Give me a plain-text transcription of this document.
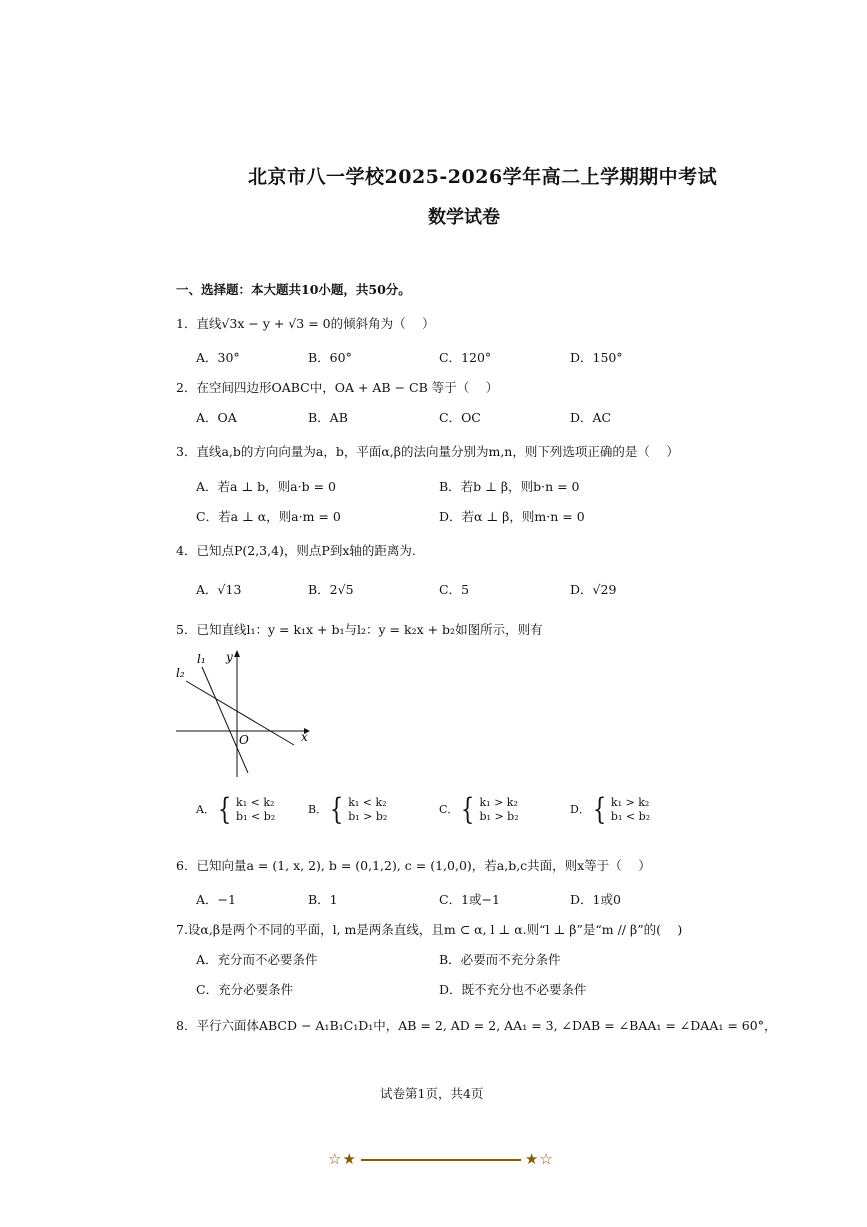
北京市八一学校2025-2026学年高二上学期期中考试
数学试卷
一、选择题：本大题共10小题，共50分。
1．直线√3x − y + √3 = 0的倾斜角为（　 ）
A．30°	B．60°	C．120°	D．150°
2．在空间四边形OABC中，OA + AB − CB 等于（　 ）
A．OA	B．AB	C．OC	D．AC
3．直线a,b的方向向量为a，b，平面α,β的法向量分别为m,n，则下列选项正确的是（　 ）
A．若a ⊥ b，则a·b = 0	B．若b ⊥ β，则b·n = 0
C．若a ⊥ α，则a·m = 0	D．若α ⊥ β，则m·n = 0
4．已知点P(2,3,4)，则点P到x轴的距离为.
A．√13	B．2√5	C．5	D．√29
5．已知直线l₁：y = k₁x + b₁与l₂：y = k₂x + b₂如图所示，则有
l₁
l₂
y
x
O
A． { k₁ < k₂
b₁ < b₂
B． { k₁ < k₂
b₁ > b₂
C． { k₁ > k₂
b₁ > b₂
D． { k₁ > k₂
b₁ < b₂
6．已知向量a = (1, x, 2), b = (0,1,2), c = (1,0,0)，若a,b,c共面，则x等于（　 ）
A．−1	B．1	C．1或−1	D．1或0
7.设α,β是两个不同的平面，l, m是两条直线，且m ⊂ α, l ⊥ α.则“l ⊥ β”是“m // β”的(　 )
A．充分而不必要条件	B．必要而不充分条件
C．充分必要条件	D．既不充分也不必要条件
8．平行六面体ABCD − A₁B₁C₁D₁中，AB = 2, AD = 2, AA₁ = 3, ∠DAB = ∠BAA₁ = ∠DAA₁ = 60°，
试卷第1页，共4页
☆★	★☆
